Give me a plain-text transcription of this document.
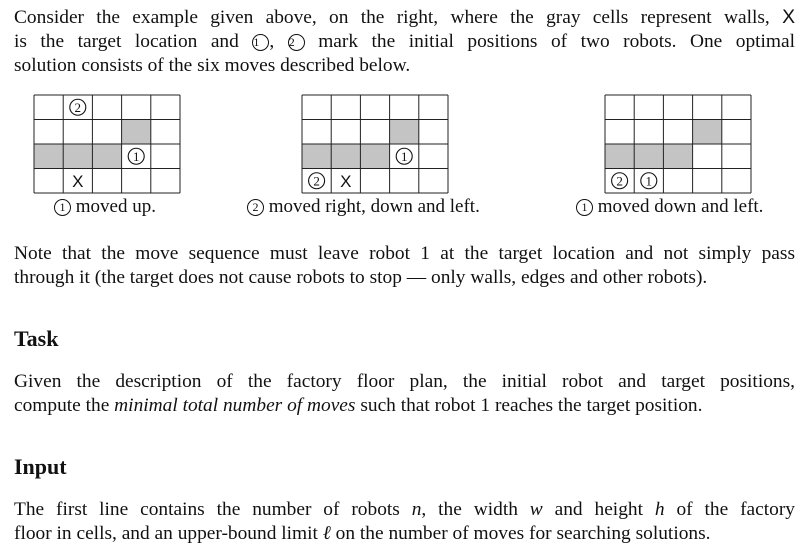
Consider the example given above, on the right, where the gray cells represent walls, X
is the target location and 1 , 2 mark the initial positions of two robots. One optimal
solution consists of the six moves described below.

2
1
X
1
2 X	2 1
1 moved up.	2 moved right, down and left.	1 moved down and left.

Note that the move sequence must leave robot 1 at the target location and not simply pass
through it (the target does not cause robots to stop — only walls, edges and other robots).

Task

Given the description of the factory floor plan, the initial robot and target positions,
compute the minimal total number of moves such that robot 1 reaches the target position.

Input

The first line contains the number of robots n, the width w and height h of the factory
floor in cells, and an upper-bound limit ℓ on the number of moves for searching solutions.
